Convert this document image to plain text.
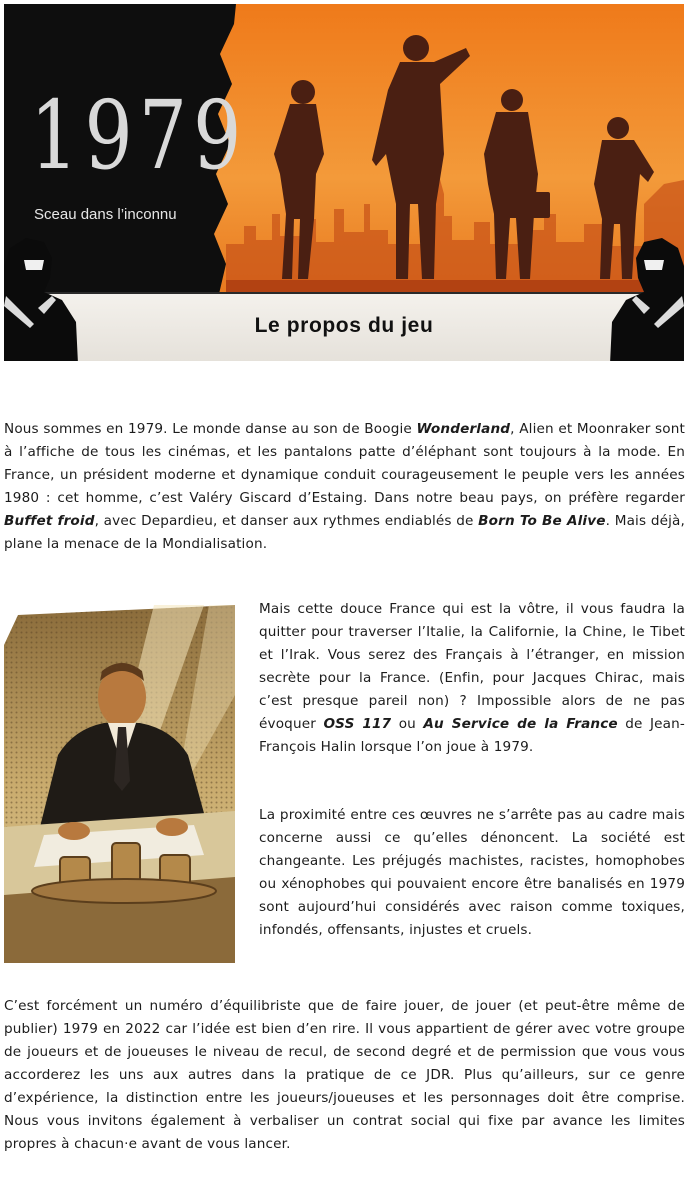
1979
Sceau dans l’inconnu
Le propos du jeu

Nous sommes en 1979. Le monde danse au son de Boogie Wonderland, Alien et Moonraker sont à l’affiche de tous les cinémas, et les pantalons patte d’éléphant sont toujours à la mode. En France, un président moderne et dynamique conduit courageusement le peuple vers les années 1980 : cet homme, c’est Valéry Giscard d’Estaing. Dans notre beau pays, on préfère regarder Buffet froid, avec Depardieu, et danser aux rythmes endiablés de Born To Be Alive. Mais déjà, plane la menace de la Mondialisation.

Mais cette douce France qui est la vôtre, il vous faudra la quitter pour traverser l’Italie, la Californie, la Chine, le Tibet et l’Irak. Vous serez des Français à l’étranger, en mission secrète pour la France. (Enfin, pour Jacques Chirac, mais c’est presque pareil non) ? Impossible alors de ne pas évoquer OSS 117 ou Au Service de la France de Jean-François Halin lorsque l’on joue à 1979.

La proximité entre ces œuvres ne s’arrête pas au cadre mais concerne aussi ce qu’elles dénoncent. La société est changeante. Les préjugés machistes, racistes, homophobes ou xénophobes qui pouvaient encore être banalisés en 1979 sont aujourd’hui considérés avec raison comme toxiques, infondés, offensants, injustes et cruels.

C’est forcément un numéro d’équilibriste que de faire jouer, de jouer (et peut-être même de publier) 1979 en 2022 car l’idée est bien d’en rire. Il vous appartient de gérer avec votre groupe de joueurs et de joueuses le niveau de recul, de second degré et de permission que vous vous accorderez les uns aux autres dans la pratique de ce JDR. Plus qu’ailleurs, sur ce genre d’expérience, la distinction entre les joueurs/joueuses et les personnages doit être comprise. Nous vous invitons également à verbaliser un contrat social qui fixe par avance les limites propres à chacun·e avant de vous lancer.
